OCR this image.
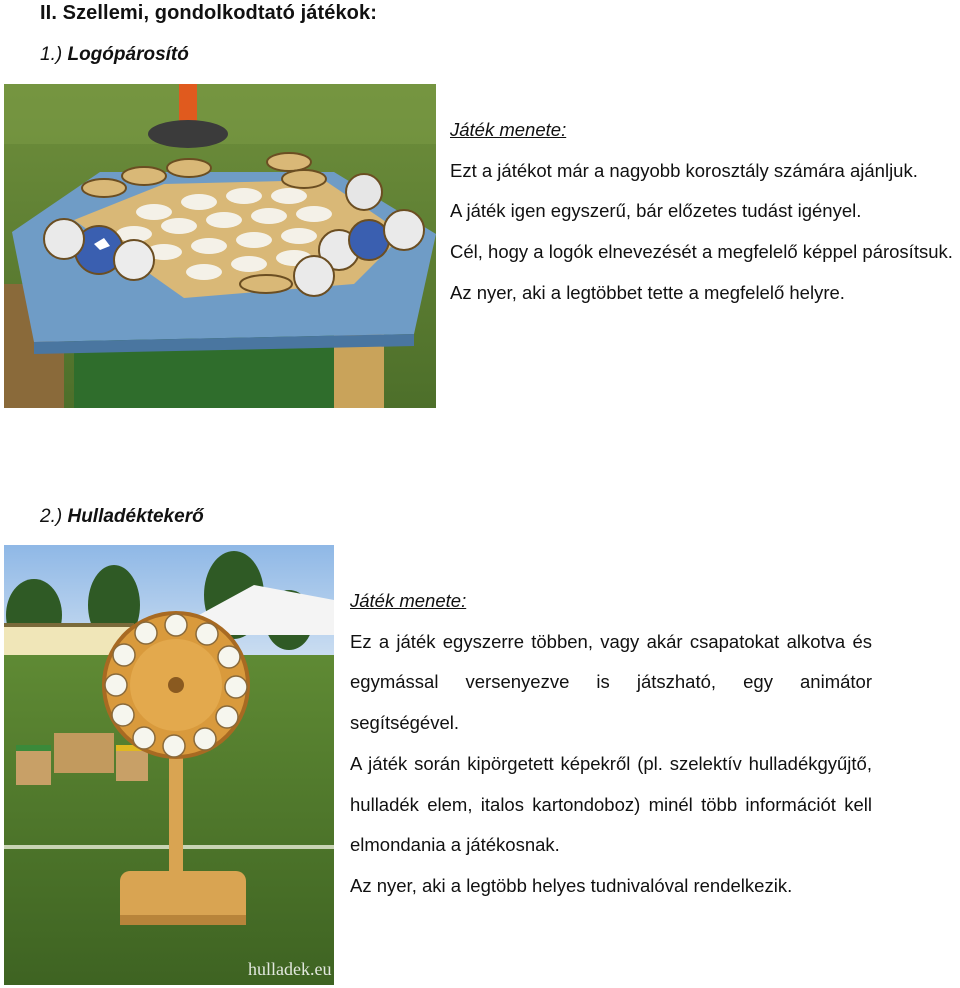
II. Szellemi, gondolkodtató játékok:
1.) Logópárosító

Játék menete:

Ezt a játékot már a nagyobb korosztály számára ajánljuk.

A játék igen egyszerű, bár előzetes tudást igényel.

Cél, hogy a logók elnevezését a megfelelő képpel párosítsuk.

Az nyer, aki a legtöbbet tette a megfelelő helyre.

2.) Hulladéktekerő
hulladek.eu

Játék menete:

Ez a játék egyszerre többen, vagy akár csapatokat alkotva és egymással versenyezve is játszható, egy animátor segítségével.

A játék során kipörgetett képekről (pl. szelektív hulladékgyűjtő, hulladék elem, italos kartondoboz) minél több információt kell elmondania a játékosnak.

Az nyer, aki a legtöbb helyes tudnivalóval rendelkezik.
